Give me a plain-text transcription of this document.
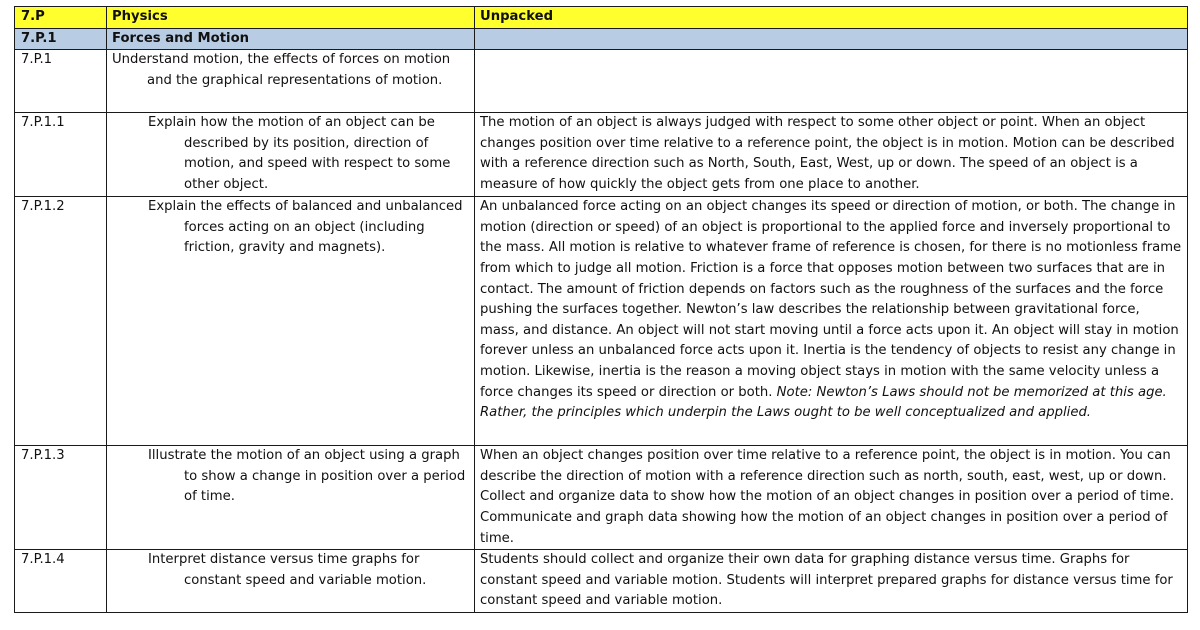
7.P	Physics	Unpacked
7.P.1	Forces and Motion	
7.P.1	Understand motion, the effects of forces on motion and the graphical representations of motion.	

7.P.1.1	Explain how the motion of an object can be described by its position, direction of motion, and speed with respect to some other object.	The motion of an object is always judged with respect to some other object or point. When an object changes position over time relative to a reference point, the object is in motion. Motion can be described with a reference direction such as North, South, East, West, up or down. The speed of an object is a measure of how quickly the object gets from one place to another.
7.P.1.2	Explain the effects of balanced and unbalanced forces acting on an object (including friction, gravity and magnets).	An unbalanced force acting on an object changes its speed or direction of motion, or both. The change in motion (direction or speed) of an object is proportional to the applied force and inversely proportional to the mass. All motion is relative to whatever frame of reference is chosen, for there is no motionless frame from which to judge all motion. Friction is a force that opposes motion between two surfaces that are in contact. The amount of friction depends on factors such as the roughness of the surfaces and the force pushing the surfaces together. Newton’s law describes the relationship between gravitational force, mass, and distance. An object will not start moving until a force acts upon it. An object will stay in motion forever unless an unbalanced force acts upon it. Inertia is the tendency of objects to resist any change in motion. Likewise, inertia is the reason a moving object stays in motion with the same velocity unless a force changes its speed or direction or both. Note: Newton’s Laws should not be memorized at this age. Rather, the principles which underpin the Laws ought to be well conceptualized and applied.
7.P.1.3	Illustrate the motion of an object using a graph to show a change in position over a period of time.	When an object changes position over time relative to a reference point, the object is in motion. You can describe the direction of motion with a reference direction such as north, south, east, west, up or down. Collect and organize data to show how the motion of an object changes in position over a period of time. Communicate and graph data showing how the motion of an object changes in position over a period of time.
7.P.1.4	Interpret distance versus time graphs for constant speed and variable motion.	Students should collect and organize their own data for graphing distance versus time. Graphs for constant speed and variable motion. Students will interpret prepared graphs for distance versus time for constant speed and variable motion.
